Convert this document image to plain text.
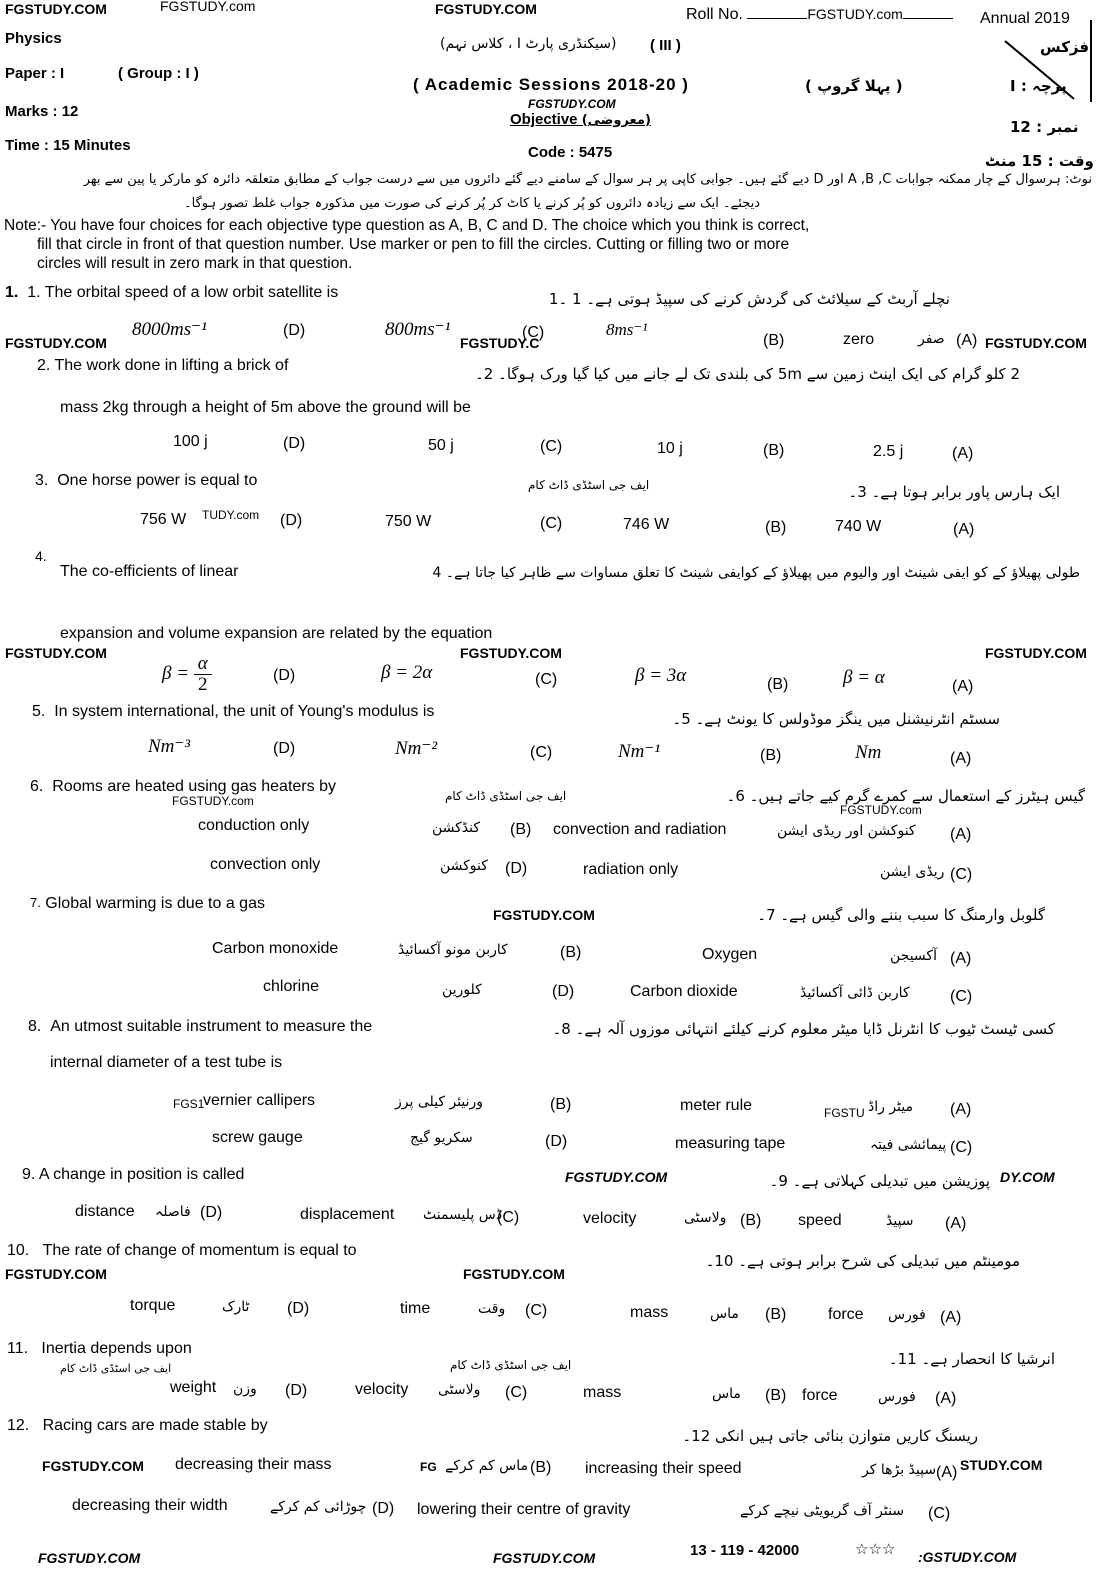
FGSTUDY.COM	FGSTUDY.com	FGSTUDY.COM
Physics
Paper : I	( Group : I )
Marks : 12
Time : 15 Minutes
(سیکنڈری پارٹ I ، کلاس نہم) ( III )
( Academic Sessions 2018-20 )
FGSTUDY.COM
Objective (معروضی)
Code : 5475
Roll No.	FGSTUDY.com	Annual 2019
فزکس
( پہلا گروپ )	پرچہ : I
نمبر : 12
وقت : 15 منٹ
نوٹ: ہرسوال کے چار ممکنہ جوابات A ,B ,C اور D دیے گئے ہیں۔ جوابی کاپی پر ہر سوال کے سامنے دیے گئے دائروں میں سے درست جواب کے مطابق متعلقہ دائرہ کو مارکر یا پین سے بھر
دیجئے۔ ایک سے زیادہ دائروں کو پُر کرنے یا کاٹ کر پُر کرنے کی صورت میں مذکورہ جواب غلط تصور ہوگا۔
Note:- You have four choices for each objective type question as A, B, C and D. The choice which you think is correct,
fill that circle in front of that question number. Use marker or pen to fill the circles. Cutting or filling two or more
circles will result in zero mark in that question.
1. 1. The orbital speed of a low orbit satellite is	نچلے آربٹ کے سیلائٹ کی گردش کرنے کی سپیڈ ہوتی ہے۔ 1 ۔1
FGSTUDY.COM
8000ms⁻¹	(D)	800ms⁻¹
FGSTUDY.C
(C)	8ms⁻¹
(B)	zero	صفر (A) FGSTUDY.COM
2. The work done in lifting a brick of	2 کلو گرام کی ایک اینٹ زمین سے 5m کی بلندی تک لے جانے میں کیا گیا ورک ہوگا۔ 2۔
mass 2kg through a height of 5m above the ground will be
100 j	(D)	50 j	(C)	10 j	(B)	2.5 j	(A)
3. One horse power is equal to	ایف جی اسٹڈی ڈاٹ کام	ایک ہارس پاور برابر ہوتا ہے۔ 3۔
756 W TUDY.com (D)	750 W	(C)	746 W	(B)	740 W	(A)
4.
The co-efficients of linear	طولی پھیلاؤ کے کو ایفی شینٹ اور والیوم میں پھیلاؤ کے کوایفی شینٹ کا تعلق مساوات سے ظاہر کیا جاتا ہے۔ 4
expansion and volume expansion are related by the equation
FGSTUDY.COM	FGSTUDY.COM	FGSTUDY.COM
$\beta = \frac{\alpha}{2}$	(D)	β = 2α	(C)	β = 3α	(B)	β = α	(A)
5. In system international, the unit of Young's modulus is	سسٹم انٹرنیشنل میں ینگز موڈولس کا یونٹ ہے۔ 5۔
Nm⁻³	(D)	Nm⁻²	(C)	Nm⁻¹	(B)	Nm	(A)
6. Rooms are heated using gas heaters by
FGSTUDY.com	ایف جی اسٹڈی ڈاٹ کام	گیس ہیٹرز کے استعمال سے کمرے گرم کیے جاتے ہیں۔ 6۔
FGSTUDY.com
conduction only	کنڈکشن (B) convection and radiation	کنوکشن اور ریڈی ایشن (A)
convection only	کنوکشن (D)	radiation only	ریڈی ایشن (C)
$^{7.}$ Global warming is due to a gas
FGSTUDY.COM	گلوبل وارمنگ کا سبب بننے والی گیس ہے۔ 7۔
Carbon monoxide	کاربن مونو آکسائیڈ	(B)	Oxygen	آکسیجن (A)
chlorine	کلورین	(D)	Carbon dioxide	کاربن ڈائی آکسائیڈ	(C)
8. An utmost suitable instrument to measure the	کسی ٹیسٹ ٹیوب کا انٹرنل ڈایا میٹر معلوم کرنے کیلئے انتہائی موزوں آلہ ہے۔ 8۔
internal diameter of a test tube is
FGS1
vernier callipers	ورنیئر کیلی پرز	(B)	meter rule	FGSTU میٹر راڈ (A)
screw gauge	سکریو گیج	(D)	measuring tape	پیمائشی فیتہ (C)
9. A change in position is called	FGSTUDY.COM	پوزیشن میں تبدیلی کہلاتی ہے۔ 9۔ DY.COM
distance فاصلہ (D)	displacement ڈس پلیسمنٹ
(C)	velocity	ولاسٹی (B) speed	سپیڈ (A)
10. The rate of change of momentum is equal to
مومینٹم میں تبدیلی کی شرح برابر ہوتی ہے۔ 10۔
FGSTUDY.COM	FGSTUDY.COM
torque	ٹارک (D)	time	وقت (C)	mass	ماس (B)	force فورس (A)
11. Inertia depends upon
ایف جی اسٹڈی ڈاٹ کام	ایف جی اسٹڈی ڈاٹ کام	انرشیا کا انحصار ہے۔ 11۔
weight وزن (D)	velocity ولاسٹی (C)	mass	ماس (B) force	فورس (A)
12. Racing cars are made stable by
ریسنگ کاریں متوازن بنائی جاتی ہیں انکی 12۔
FGSTUDY.COM decreasing their mass	FG ماس کم کرکے (B) increasing their speed	سپیڈ بڑھا کر (A) STUDY.COM
decreasing their width	چوڑائی کم کرکے (D) lowering their centre of gravity	سنٹر آف گریویٹی نیچے کرکے (C)
FGSTUDY.COM	FGSTUDY.COM	13 - 119 - 42000	☆☆☆ :GSTUDY.COM
